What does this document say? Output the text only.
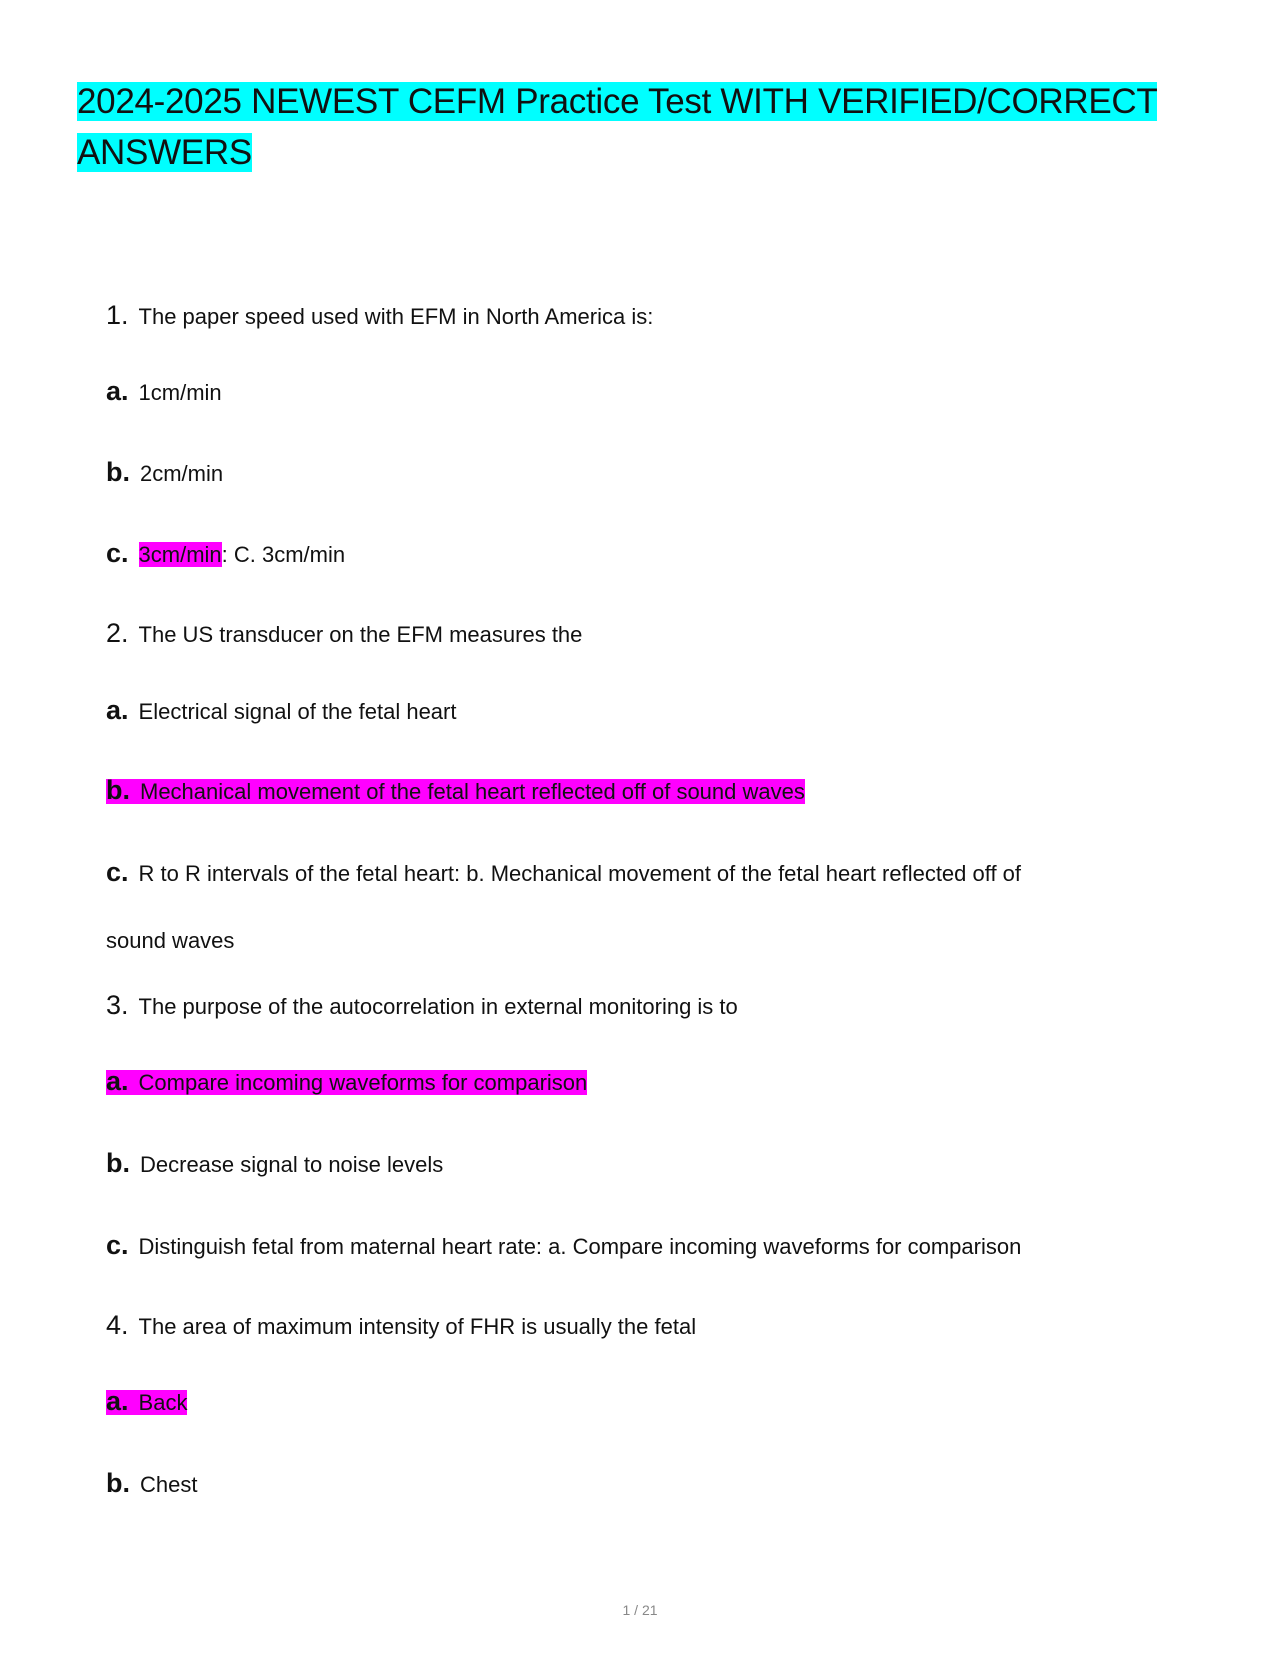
2024-2025 NEWEST CEFM Practice Test WITH VERIFIED/CORRECT ANSWERS
1. The paper speed used with EFM in North America is:
a. 1cm/min
b. 2cm/min
c. 3cm/min: C. 3cm/min
2. The US transducer on the EFM measures the
a. Electrical signal of the fetal heart
b. Mechanical movement of the fetal heart reflected off of sound waves
c. R to R intervals of the fetal heart: b. Mechanical movement of the fetal heart reflected off of
sound waves
3. The purpose of the autocorrelation in external monitoring is to
a. Compare incoming waveforms for comparison
b. Decrease signal to noise levels
c. Distinguish fetal from maternal heart rate: a. Compare incoming waveforms for comparison
4. The area of maximum intensity of FHR is usually the fetal
a. Back
b. Chest
1 / 21
